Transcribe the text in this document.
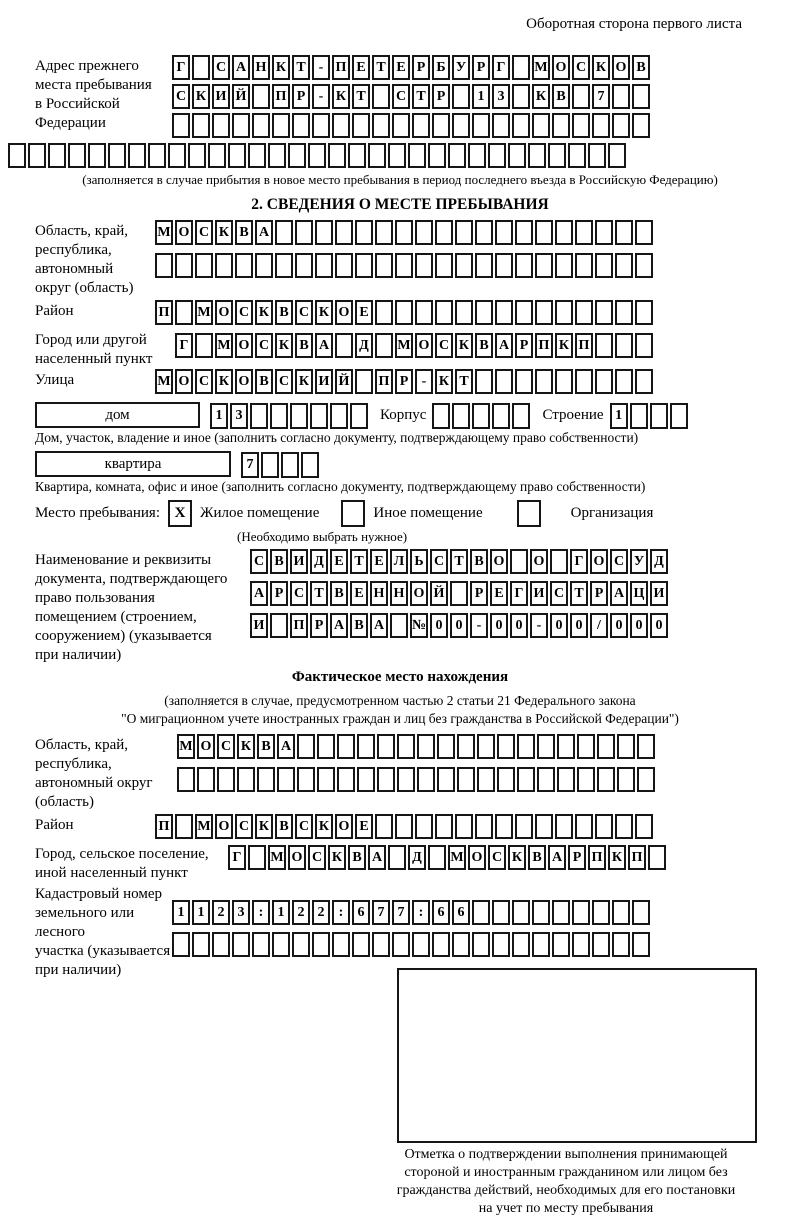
Оборотная сторона первого листа
Адрес прежнего
места пребывания
в Российской
Федерации
Г	С А Н К Т - П Е Т Е Р Б У Р Г	М О С К О В
С К И Й П Р - К Т	С Т Р	1 3	К В	7
(заполняется в случае прибытия в новое место пребывания в период последнего въезда в Российскую Федерацию)
2. СВЕДЕНИЯ О МЕСТЕ ПРЕБЫВАНИЯ
Область, край,
республика,
автономный
округ (область)
М О С К В А
Район	П М О С К В С К О Е
Город или другой
населенный пункт
Г	М О С К В А Д М О С К В А Р П К П
Улица	М О С К О В С К И Й П Р - К Т
дом	1 3	Корпус	Строение 1
Дом, участок, владение и иное (заполнить согласно документу, подтверждающему право собственности)
квартира	7
Квартира, комната, офис и иное (заполнить согласно документу, подтверждающему право собственности)
Место пребывания: X Жилое помещение	Иное помещение	Организация
(Необходимо выбрать нужное)
Наименование и реквизиты
документа, подтверждающего
право пользования
помещением (строением,
сооружением) (указывается
при наличии)
С В И Д Е Т Е Л Ь С Т В О О	Г О С У Д
А Р С Т В Е Н Н О Й	Р Е Г И С Т Р А Ц И
И П Р А В А № 0 0	-	0 0	-	0 0	/	0 0 0
Фактическое место нахождения
(заполняется в случае, предусмотренном частью 2 статьи 21 Федерального закона
"О миграционном учете иностранных граждан и лиц без гражданства в Российской Федерации")
Область, край,
республика,
автономный округ
(область)
М О С К В А
Район	П М О С К В С К О Е
Город, сельское поселение,
иной населенный пункт
Г	М О С К В А Д М О С К В А Р П К П
Кадастровый номер
земельного или лесного
участка (указывается
при наличии)
1 1 2 3	:	1 2 2	:	6 7 7	:	6 6
Отметка о подтверждении выполнения принимающей
стороной и иностранным гражданином или лицом без
гражданства действий, необходимых для его постановки
на учет по месту пребывания
